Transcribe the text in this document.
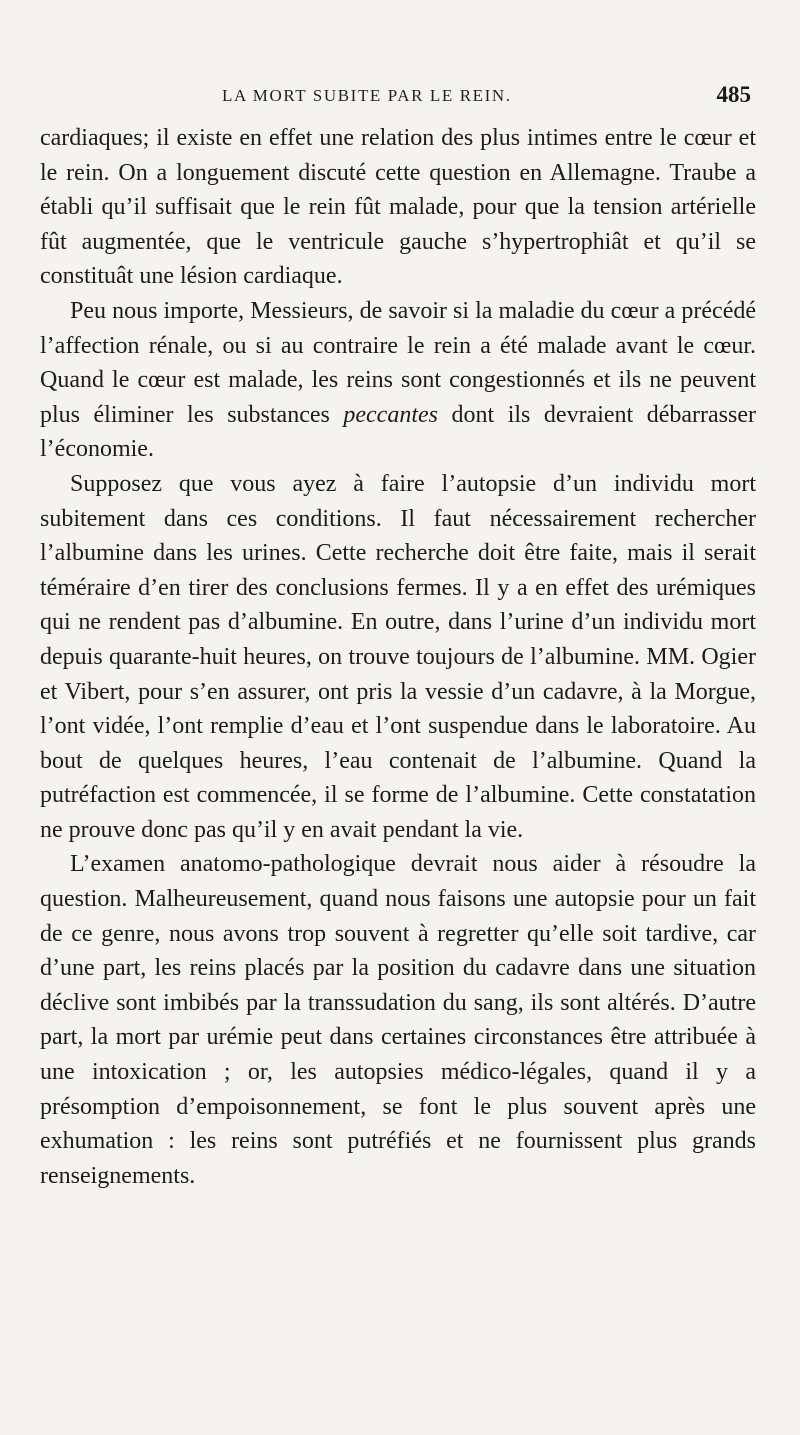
LA MORT SUBITE PAR LE REIN.	485

cardiaques; il existe en effet une relation des plus intimes entre le cœur et le rein. On a longuement discuté cette question en Allemagne. Traube a établi qu’il suffisait que le rein fût malade, pour que la tension artérielle fût augmentée, que le ventricule gauche s’hypertrophiât et qu’il se constituât une lésion cardiaque.

Peu nous importe, Messieurs, de savoir si la maladie du cœur a précédé l’affection rénale, ou si au contraire le rein a été malade avant le cœur. Quand le cœur est malade, les reins sont congestionnés et ils ne peuvent plus éliminer les substances peccantes dont ils devraient débarrasser l’économie.

Supposez que vous ayez à faire l’autopsie d’un individu mort subitement dans ces conditions. Il faut nécessairement rechercher l’albumine dans les urines. Cette recherche doit être faite, mais il serait téméraire d’en tirer des conclusions fermes. Il y a en effet des urémiques qui ne rendent pas d’albumine. En outre, dans l’urine d’un individu mort depuis quarante-huit heures, on trouve toujours de l’albumine. MM. Ogier et Vibert, pour s’en assurer, ont pris la vessie d’un cadavre, à la Morgue, l’ont vidée, l’ont remplie d’eau et l’ont suspendue dans le laboratoire. Au bout de quelques heures, l’eau contenait de l’albumine. Quand la putréfaction est commencée, il se forme de l’albumine. Cette constatation ne prouve donc pas qu’il y en avait pendant la vie.

L’examen anatomo-pathologique devrait nous aider à résoudre la question. Malheureusement, quand nous faisons une autopsie pour un fait de ce genre, nous avons trop souvent à regretter qu’elle soit tardive, car d’une part, les reins placés par la position du cadavre dans une situation déclive sont imbibés par la transsudation du sang, ils sont altérés. D’autre part, la mort par urémie peut dans certaines circonstances être attribuée à une intoxication ; or, les autopsies médico-légales, quand il y a présomption d’empoisonnement, se font le plus souvent après une exhumation : les reins sont putréfiés et ne fournissent plus grands renseignements.
